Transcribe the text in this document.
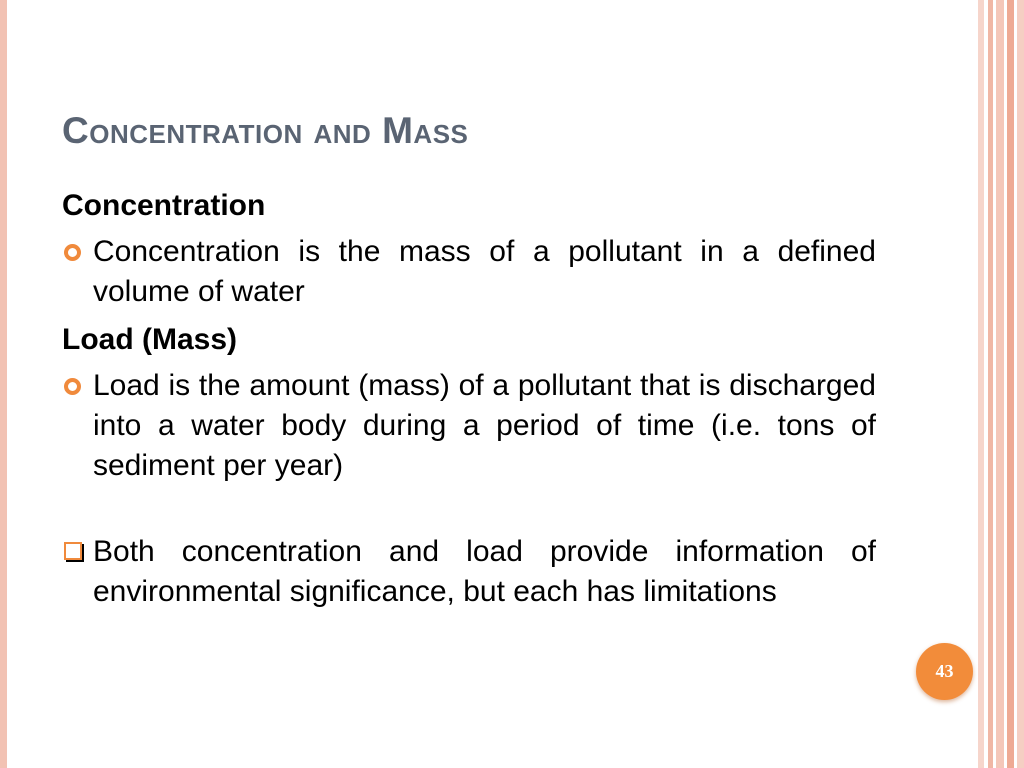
Concentration and Mass
Concentration
Concentration is the mass of a pollutant in a defined volume of water
Load (Mass)
Load is the amount (mass) of a pollutant that is discharged into a water body during a period of time (i.e. tons of sediment per year)
Both concentration and load provide information of environmental significance, but each has limitations
43
